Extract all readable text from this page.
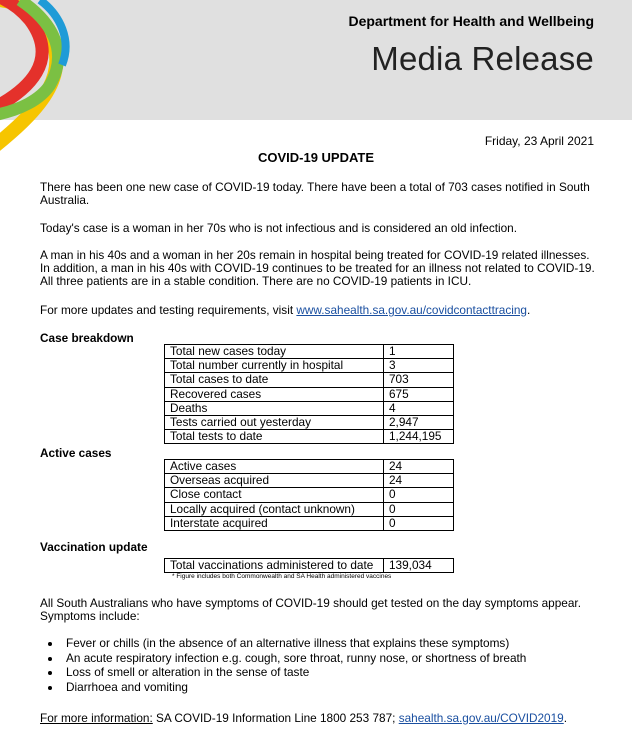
Department for Health and Wellbeing
Media Release
Friday, 23 April 2021
COVID-19 UPDATE
There has been one new case of COVID-19 today. There have been a total of 703 cases notified in South Australia.
Today's case is a woman in her 70s who is not infectious and is considered an old infection.
A man in his 40s and a woman in her 20s remain in hospital being treated for COVID-19 related illnesses. In addition, a man in his 40s with COVID-19 continues to be treated for an illness not related to COVID-19. All three patients are in a stable condition. There are no COVID-19 patients in ICU.
For more updates and testing requirements, visit www.sahealth.sa.gov.au/covidcontacttracing.
Case breakdown
Total new cases today	1
Total number currently in hospital	3
Total cases to date	703
Recovered cases	675
Deaths	4
Tests carried out yesterday	2,947
Total tests to date	1,244,195
Active cases
Active cases	24
Overseas acquired	24
Close contact	0
Locally acquired (contact unknown)	0
Interstate acquired	0
Vaccination update
Total vaccinations administered to date	139,034
* Figure includes both Commonwealth and SA Health administered vaccines
All South Australians who have symptoms of COVID-19 should get tested on the day symptoms appear. Symptoms include:
• Fever or chills (in the absence of an alternative illness that explains these symptoms)
• An acute respiratory infection e.g. cough, sore throat, runny nose, or shortness of breath
• Loss of smell or alteration in the sense of taste
• Diarrhoea and vomiting
For more information: SA COVID-19 Information Line 1800 253 787; sahealth.sa.gov.au/COVID2019.
